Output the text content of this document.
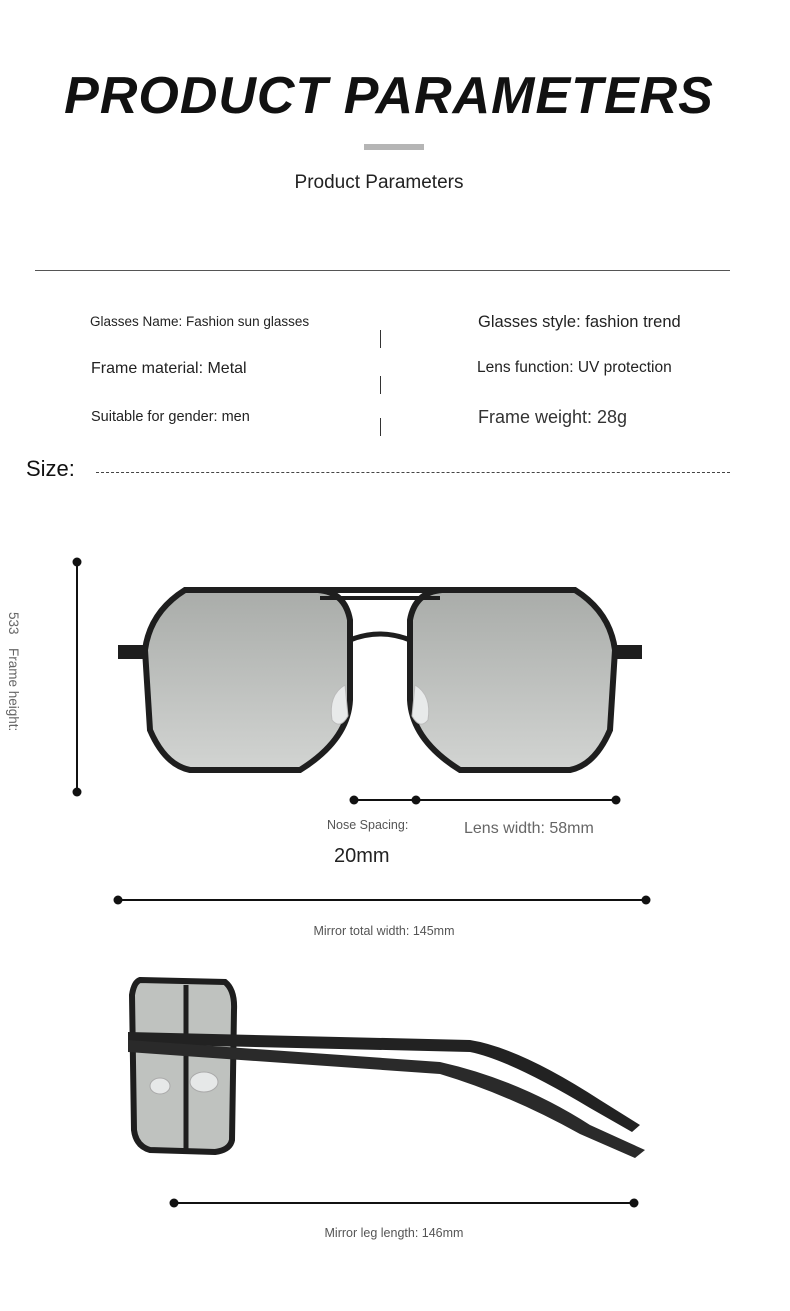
PRODUCT PARAMETERS
Product Parameters
Glasses Name: Fashion sun glasses
Frame material: Metal
Suitable for gender: men
Glasses style: fashion trend
Lens function: UV protection
Frame weight: 28g
Size:
533 Frame height:
Nose Spacing:
20mm
Lens width: 58mm
Mirror total width: 145mm
Mirror leg length: 146mm
